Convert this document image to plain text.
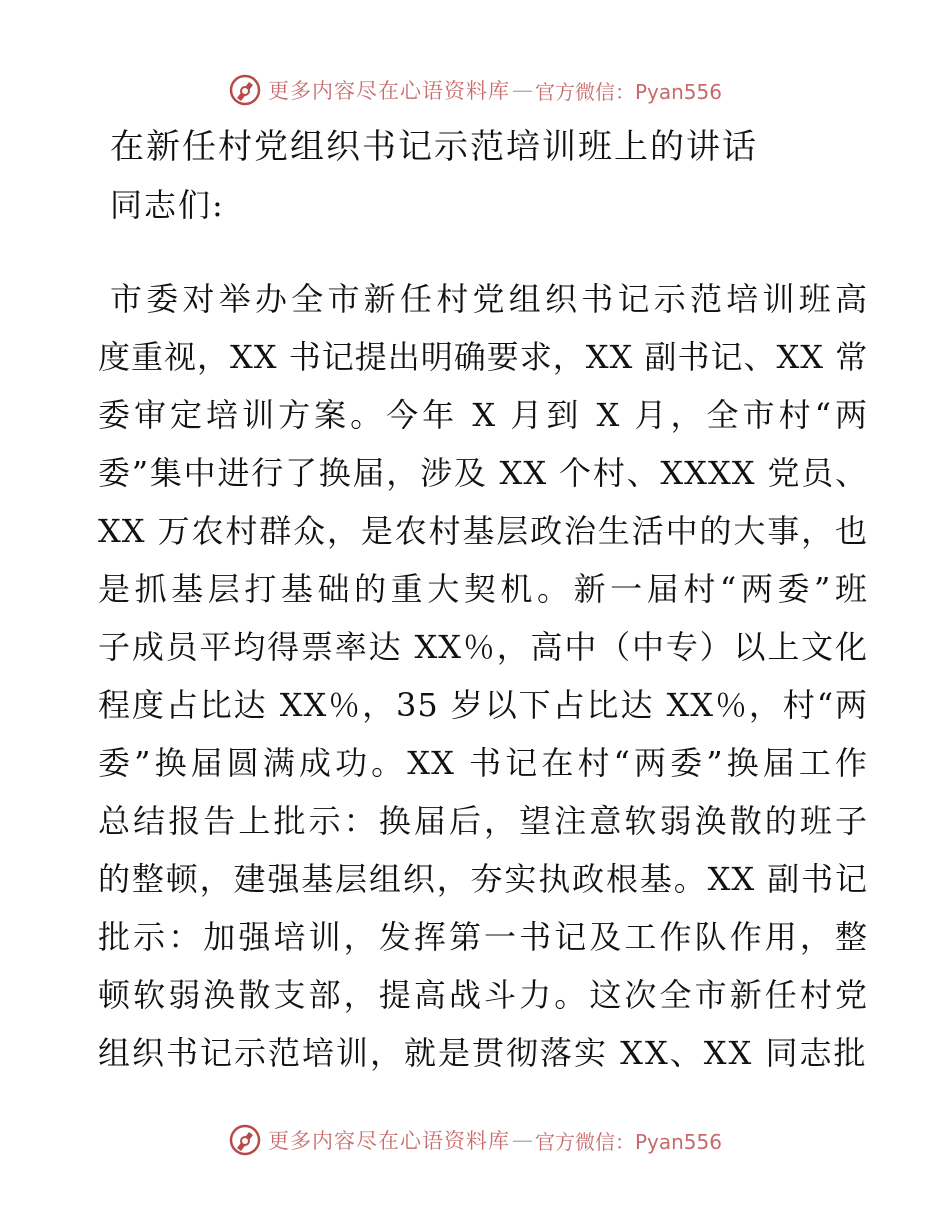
更多内容尽在心语资料库 — 官方微信：Pyan556
在新任村党组织书记示范培训班上的讲话
同志们:
市委对举办全市新任村党组织书记示范培训班高
度重视，XX 书记提出明确要求，XX 副书记、XX 常
委审定培训方案。今年 X 月到 X 月，全市村“两
委”集中进行了换届，涉及 XX 个村、XXXX 党员、
XX 万农村群众，是农村基层政治生活中的大事，也
是抓基层打基础的重大契机。新一届村“两委”班
子成员平均得票率达 XX％，高中（中专）以上文化
程度占比达 XX％，35 岁以下占比达 XX％，村“两
委”换届圆满成功。XX 书记在村“两委”换届工作
总结报告上批示：换届后，望注意软弱涣散的班子
的整顿，建强基层组织，夯实执政根基。XX 副书记
批示：加强培训，发挥第一书记及工作队作用，整
顿软弱涣散支部，提高战斗力。这次全市新任村党
组织书记示范培训，就是贯彻落实 XX、XX 同志批
更多内容尽在心语资料库 — 官方微信：Pyan556
